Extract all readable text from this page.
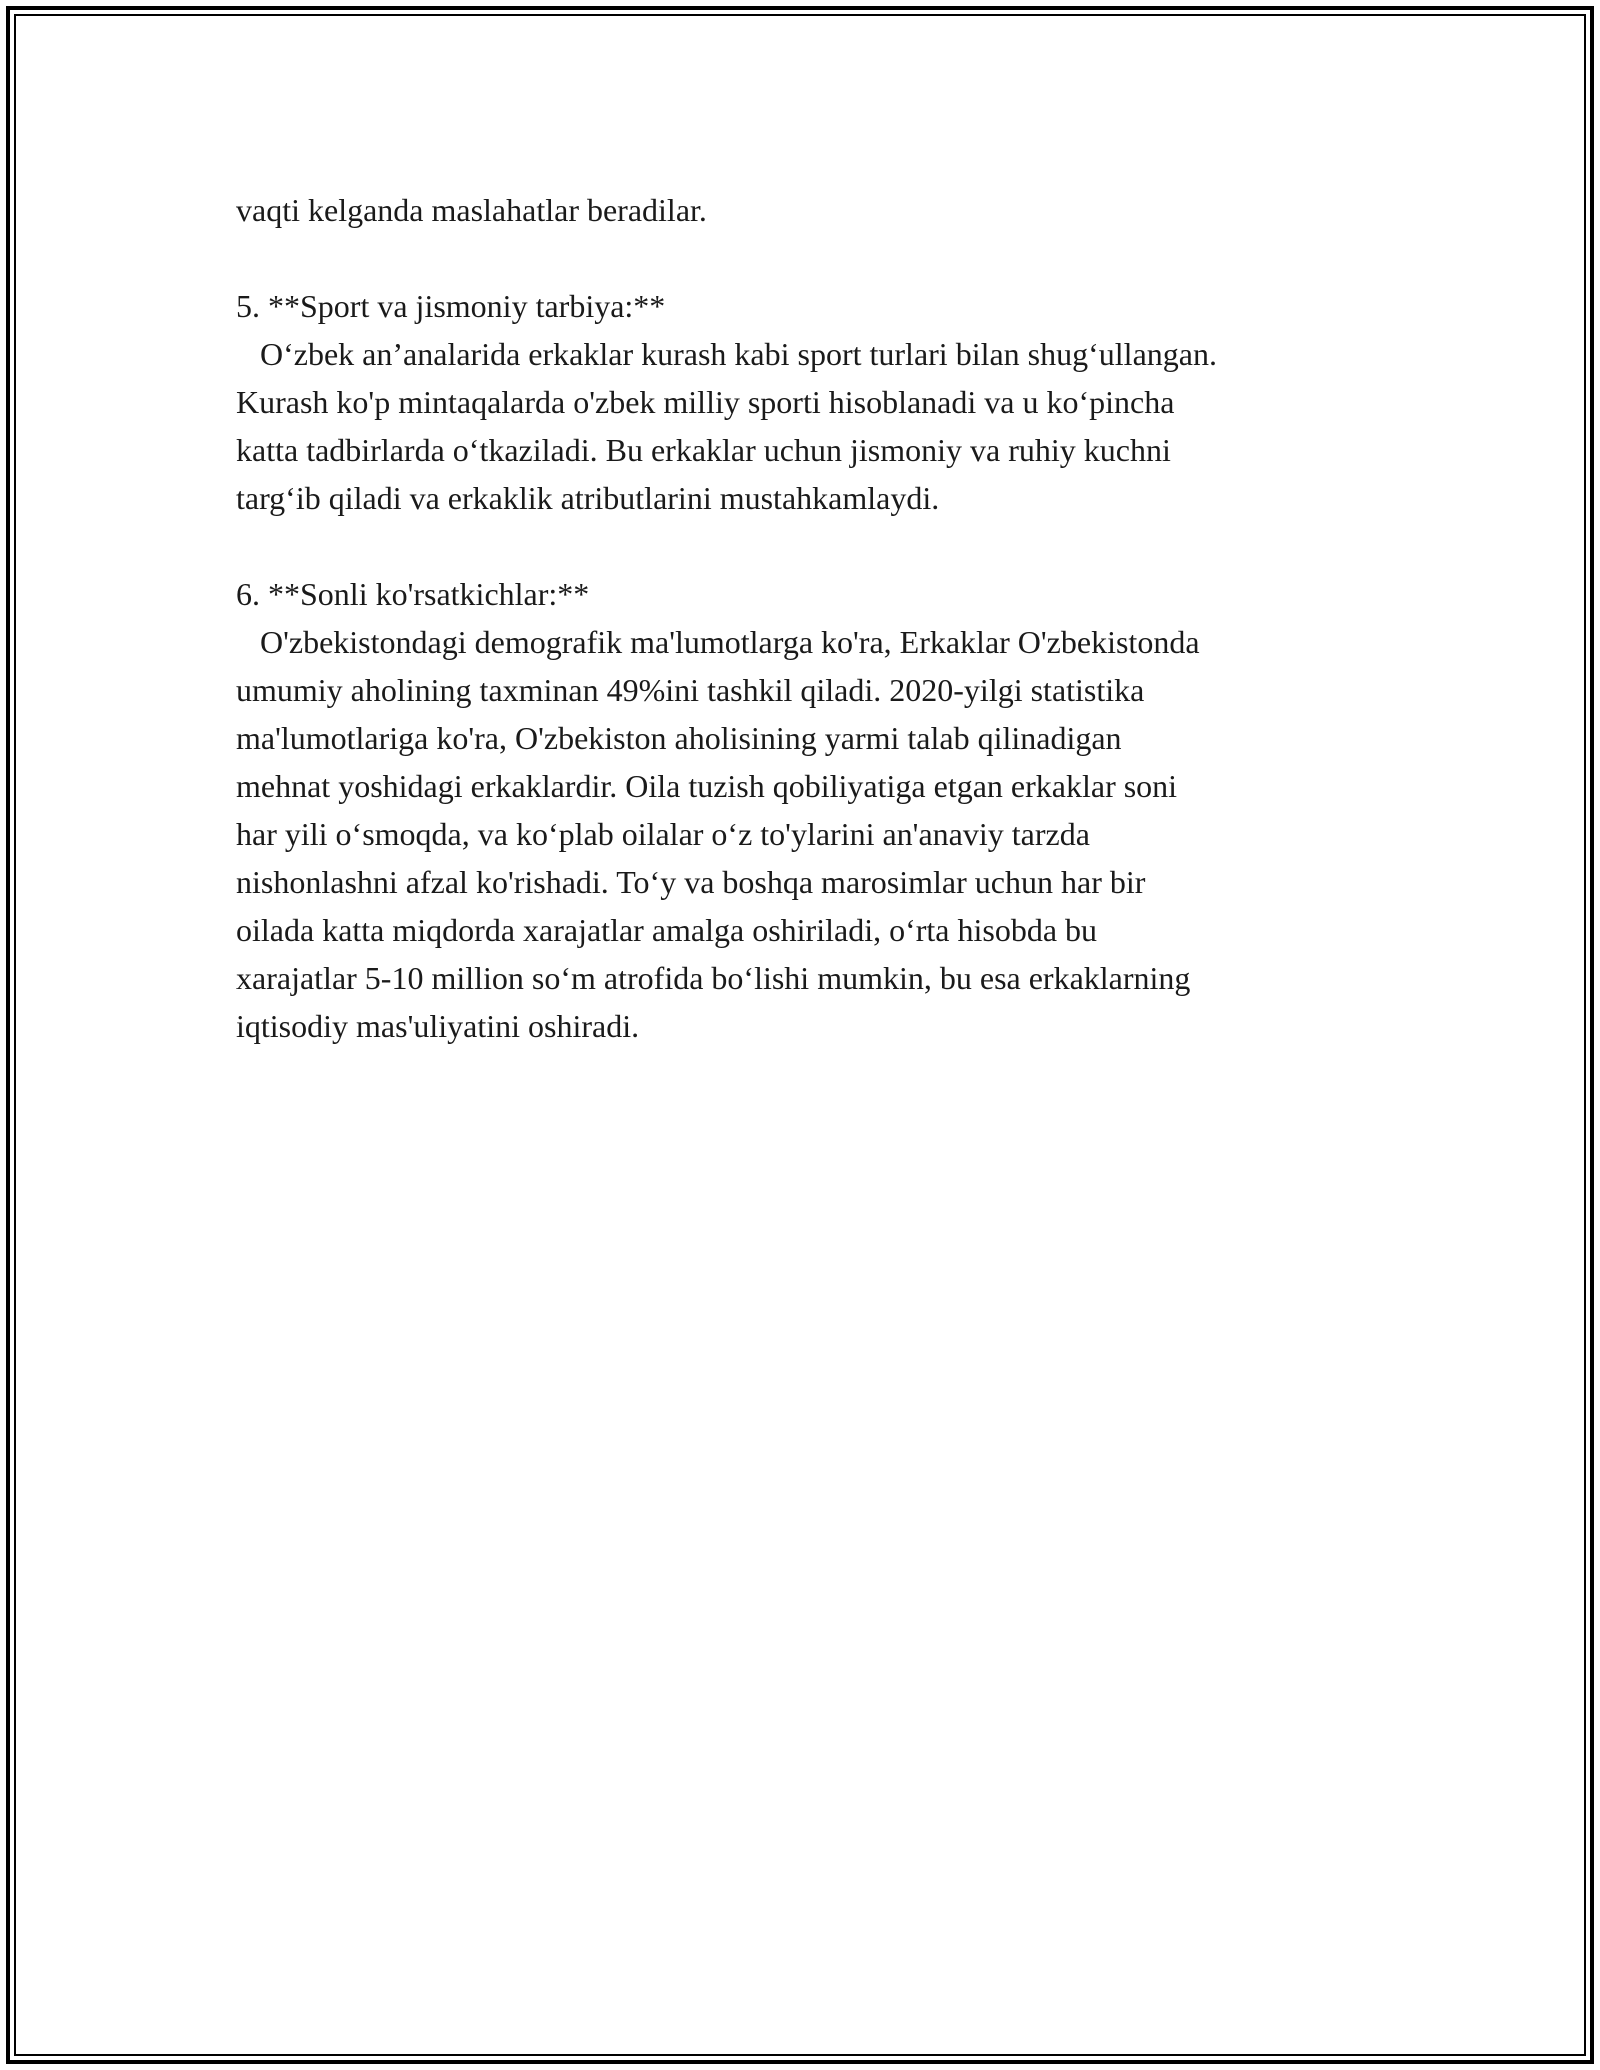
vaqti kelgandа maslahatlar beradilar.
5. **Sport va jismoniy tarbiya:**
O‘zbek an’analarida erkaklar kurash kabi sport turlari bilan shug‘ullangan.
Kurash ko'p mintaqalarda o'zbek milliy sporti hisoblanadi va u ko‘pincha
katta tadbirlarda o‘tkaziladi. Bu erkaklar uchun jismoniy va ruhiy kuchni
targ‘ib qiladi va erkaklik atributlarini mustahkamlaydi.
6. **Sonli ko'rsatkichlar:**
O'zbekistondagi demografik ma'lumotlarga ko'ra, Erkaklar O'zbekistonda
umumiy aholining taxminan 49%ini tashkil qiladi. 2020-yilgi statistika
ma'lumotlariga ko'ra, O'zbekiston aholisining yarmi talab qilinadigan
mehnat yoshidagi erkaklardir. Oila tuzish qobiliyatiga etgan erkaklar soni
har yili o‘smoqda, va ko‘plab oilalar o‘z to'ylarini an'anaviy tarzda
nishonlashni afzal ko'rishadi. To‘y va boshqa marosimlar uchun har bir
oilada katta miqdorda xarajatlar amalga oshiriladi, o‘rta hisobda bu
xarajatlar 5-10 million so‘m atrofida bo‘lishi mumkin, bu esa erkaklarning
iqtisodiy mas'uliyatini oshiradi.
